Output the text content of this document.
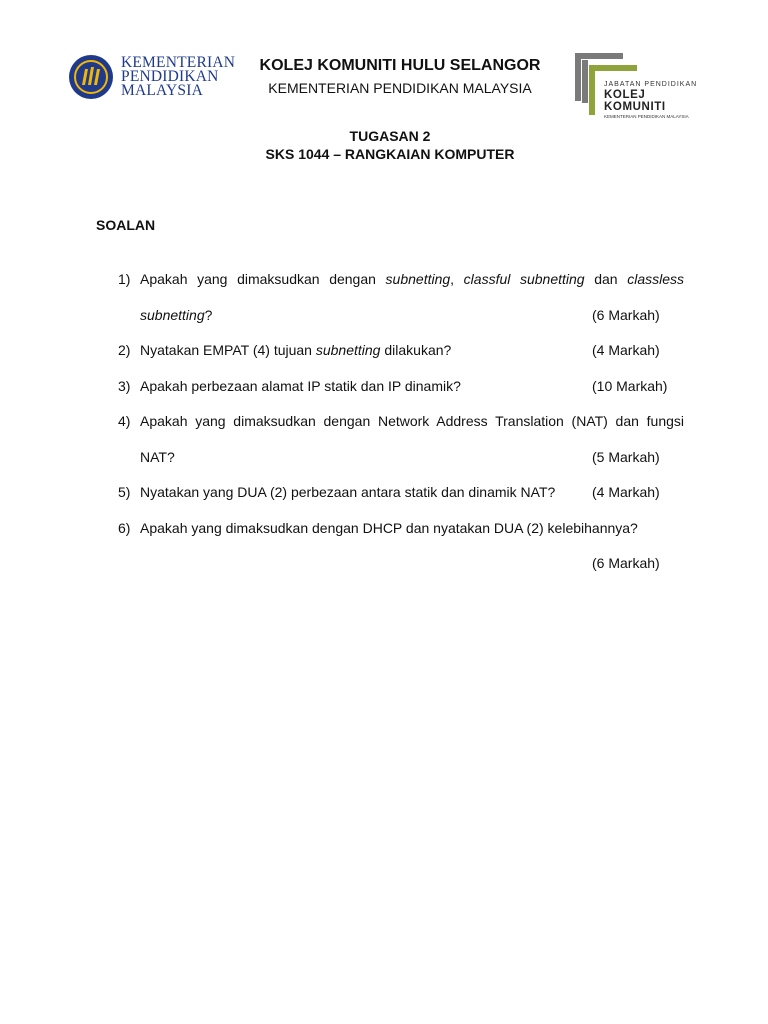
KEMENTERIAN
PENDIDIKAN
MALAYSIA
KOLEJ KOMUNITI HULU SELANGOR
KEMENTERIAN PENDIDIKAN MALAYSIA	JABATAN PENDIDIKAN
KOLEJ KOMUNITI
KEMENTERIAN PENDIDIKAN MALAYSIA
TUGASAN 2
SKS 1044 – RANGKAIAN KOMPUTER
SOALAN
1) Apakah yang dimaksudkan dengan subnetting, classful subnetting dan classless subnetting?	(6 Markah)
2) Nyatakan EMPAT (4) tujuan subnetting dilakukan?	(4 Markah)
3) Apakah perbezaan alamat IP statik dan IP dinamik?	(10 Markah)
4) Apakah yang dimaksudkan dengan Network Address Translation (NAT) dan fungsi NAT?	(5 Markah)
5) Nyatakan yang DUA (2) perbezaan antara statik dan dinamik NAT?	(4 Markah)
6) Apakah yang dimaksudkan dengan DHCP dan nyatakan DUA (2) kelebihannya?
(6 Markah)
